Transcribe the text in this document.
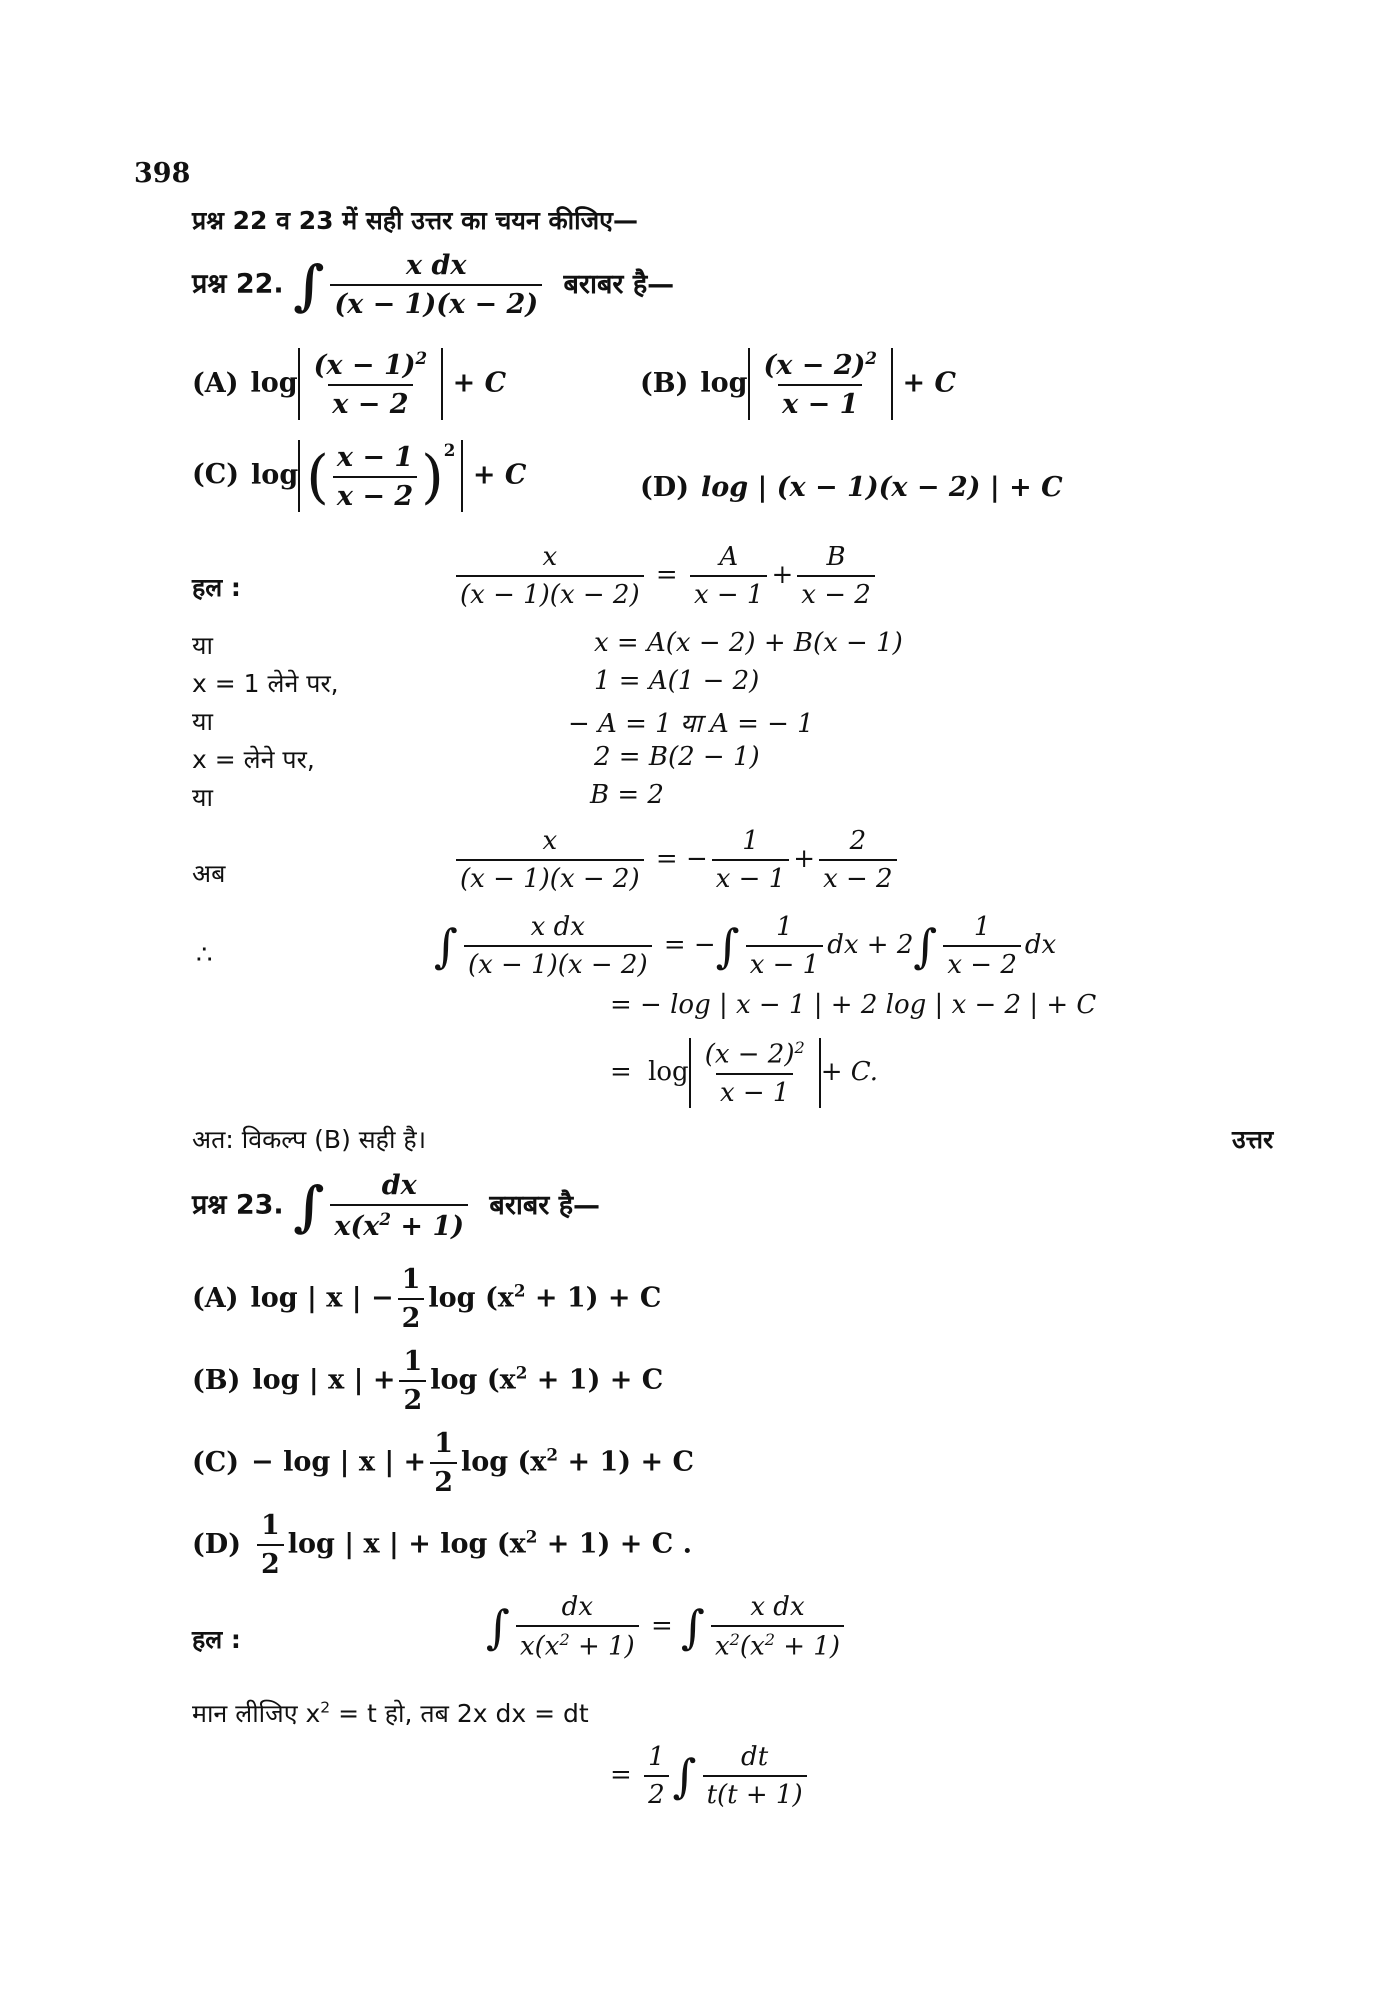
398
प्रश्न 22 व 23 में सही उत्तर का चयन कीजिए—
प्रश्न 22. ∫ $\frac{\text{x dx}}{(x - 1)(x - 2)}$ बराबर है—
(A) $\log \frac{(x - 1)^2}{x - 2} + C$	(B) $\log \frac{(x - 2)^2}{x - 1} + C$
(C) log ( $\frac{x - 1}{x - 2} )^2 + C$	(D) log | (x − 1)(x − 2) | + C
हल :	$\frac{x}{(x - 1)(x - 2)} = \frac{A}{x - 1} + \frac{B}{x - 2}$
या	x = A(x − 2) + B(x − 1)
x = 1 लेने पर,	1 = A(1 − 2)
या	− A = 1 या A = − 1
x = लेने पर,	2 = B(2 − 1)
या	B = 2
अब	$\frac{x}{(x - 1)(x - 2)}$ = − $\frac{1}{x - 1} + \frac{2}{x - 2}$
∴	∫ $\frac{\text{x dx}}{(x - 1)(x - 2)}$ = −∫ $\frac{1}{x - 1}$ dx + $2\int \frac{1}{x - 2}$ dx
= − log | x − 1 | + 2 log | x − 2 | + C
= $\log \frac{(x - 2)^2}{x - 1} + C$.
अत: विकल्प (B) सही है।	उत्तर
प्रश्न 23. ∫ $\frac{dx}{x(x^2 + 1)}$ बराबर है—
(A) log | x | − $\frac{1}{2}$ $\log (x^2 + 1) + C$
(B) log | x | + $\frac{1}{2}$ $\log (x^2 + 1) + C$
(C) − log | x | + $\frac{1}{2}$ $\log (x^2 + 1) + C$
$(D) \frac{1}{2}$ log | x | + $\log (x^2 + 1) + C$ .
हल :	∫ $\frac{dx}{x(x^2 + 1)}$ = ∫ $\frac{\text{x dx}}{x^2(x^2 + 1)}$
मान लीजिए $x^2 = t$ हो, तब 2x dx = dt
= $\frac{1}{2}$ ∫ $\frac{dt}{t(t + 1)}$
